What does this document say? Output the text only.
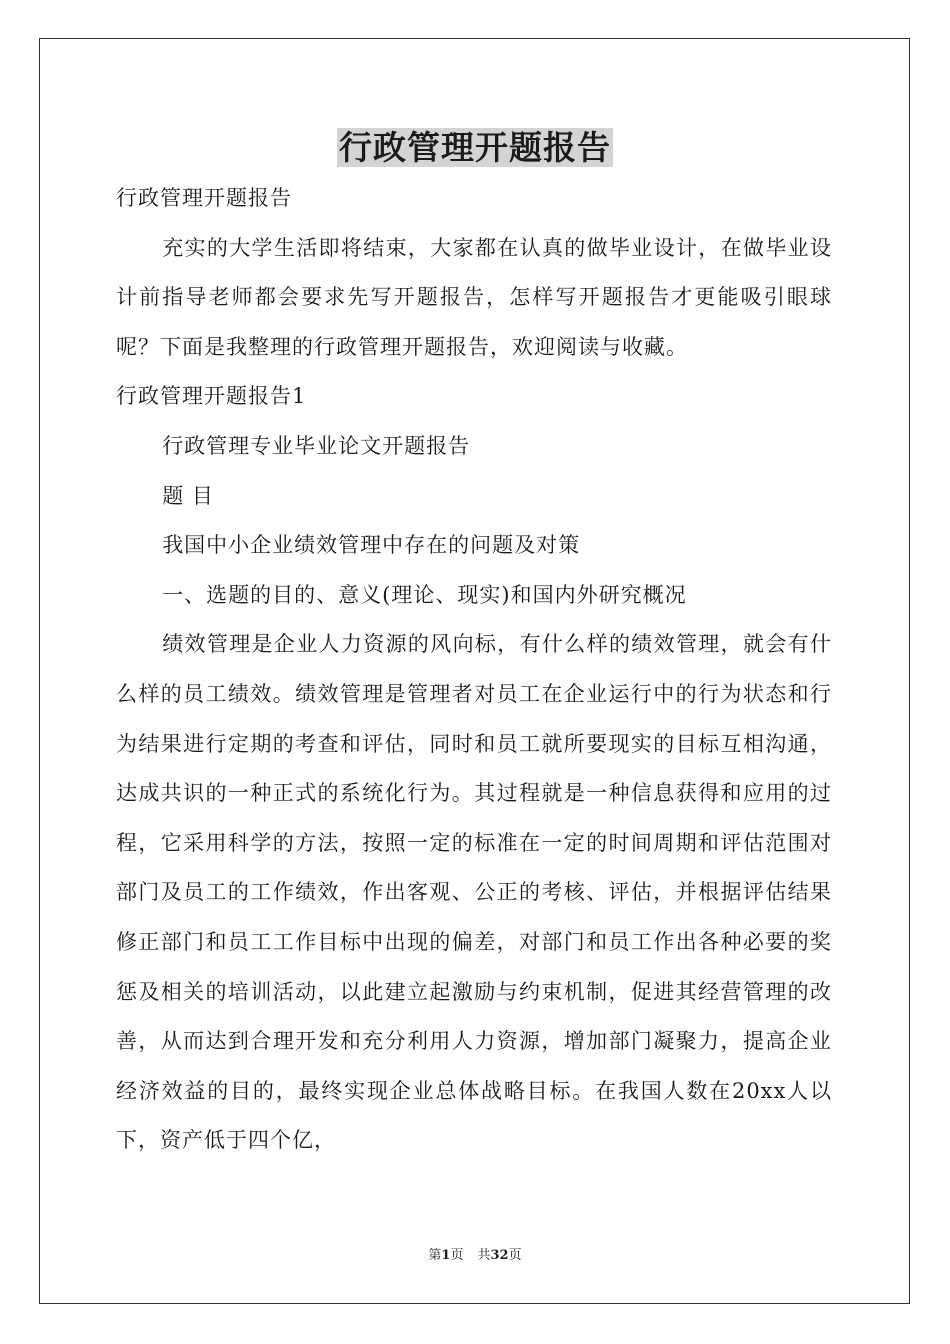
行政管理开题报告

行政管理开题报告

充实的大学生活即将结束，大家都在认真的做毕业设计，在做毕业设计前指导老师都会要求先写开题报告，怎样写开题报告才更能吸引眼球呢？下面是我整理的行政管理开题报告，欢迎阅读与收藏。

行政管理开题报告1

行政管理专业毕业论文开题报告

题 目

我国中小企业绩效管理中存在的问题及对策

一、选题的目的、意义(理论、现实)和国内外研究概况

绩效管理是企业人力资源的风向标，有什么样的绩效管理，就会有什么样的员工绩效。绩效管理是管理者对员工在企业运行中的行为状态和行为结果进行定期的考查和评估，同时和员工就所要现实的目标互相沟通，达成共识的一种正式的系统化行为。其过程就是一种信息获得和应用的过程，它采用科学的方法，按照一定的标准在一定的时间周期和评估范围对部门及员工的工作绩效，作出客观、公正的考核、评估，并根据评估结果修正部门和员工工作目标中出现的偏差，对部门和员工作出各种必要的奖惩及相关的培训活动，以此建立起激励与约束机制，促进其经营管理的改善，从而达到合理开发和充分利用人力资源，增加部门凝聚力，提高企业经济效益的目的，最终实现企业总体战略目标。在我国人数在20xx人以下，资产低于四个亿，

第1页 共32页
